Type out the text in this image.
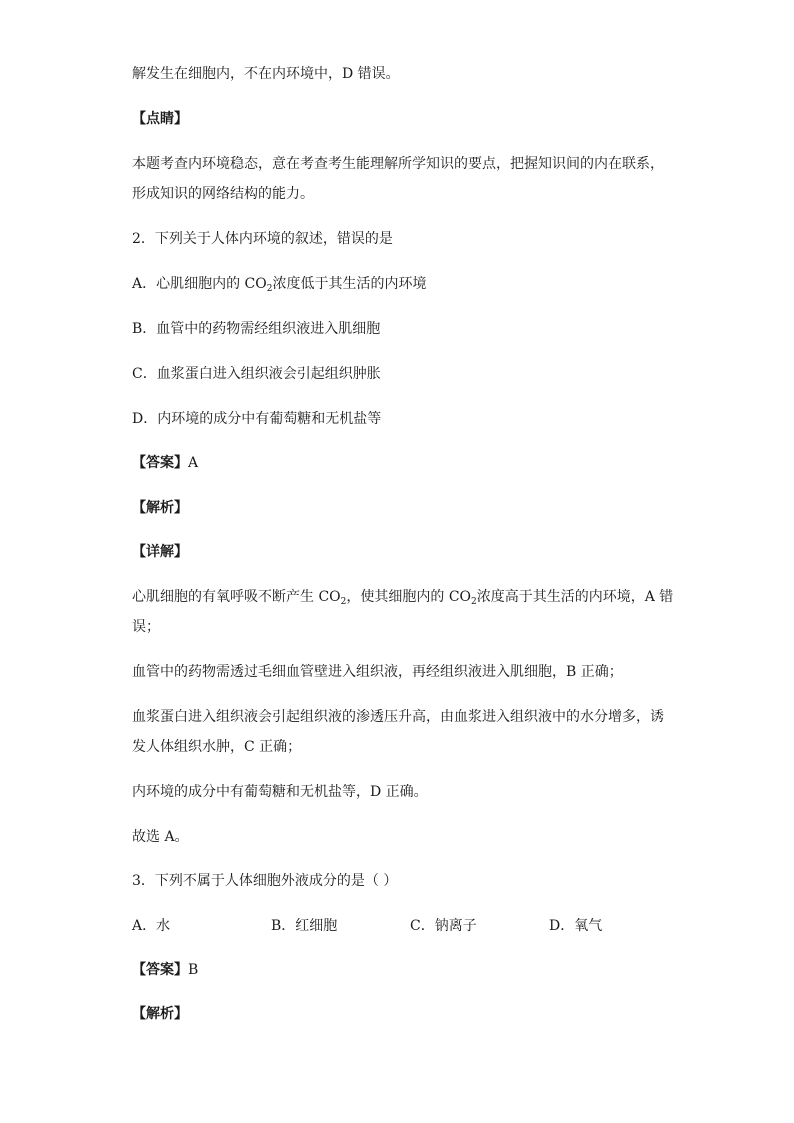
解发生在细胞内，不在内环境中，D 错误。
【点睛】
本题考查内环境稳态，意在考查考生能理解所学知识的要点，把握知识间的内在联系，
形成知识的网络结构的能力。
2．下列关于人体内环境的叙述，错误的是
A．心肌细胞内的 $CO_2$浓度低于其生活的内环境
B．血管中的药物需经组织液进入肌细胞
C．血浆蛋白进入组织液会引起组织肿胀
D．内环境的成分中有葡萄糖和无机盐等
【答案】A
【解析】
【详解】
心肌细胞的有氧呼吸不断产生 $CO_2$，使其细胞内的 $CO_2$浓度高于其生活的内环境，A 错
误；
血管中的药物需透过毛细血管壁进入组织液，再经组织液进入肌细胞，B 正确；
血浆蛋白进入组织液会引起组织液的渗透压升高，由血浆进入组织液中的水分增多，诱
发人体组织水肿，C 正确；
内环境的成分中有葡萄糖和无机盐等，D 正确。
故选 A。
3．下列不属于人体细胞外液成分的是（ ）
A．水	B．红细胞	C．钠离子	D．氧气
【答案】B
【解析】
